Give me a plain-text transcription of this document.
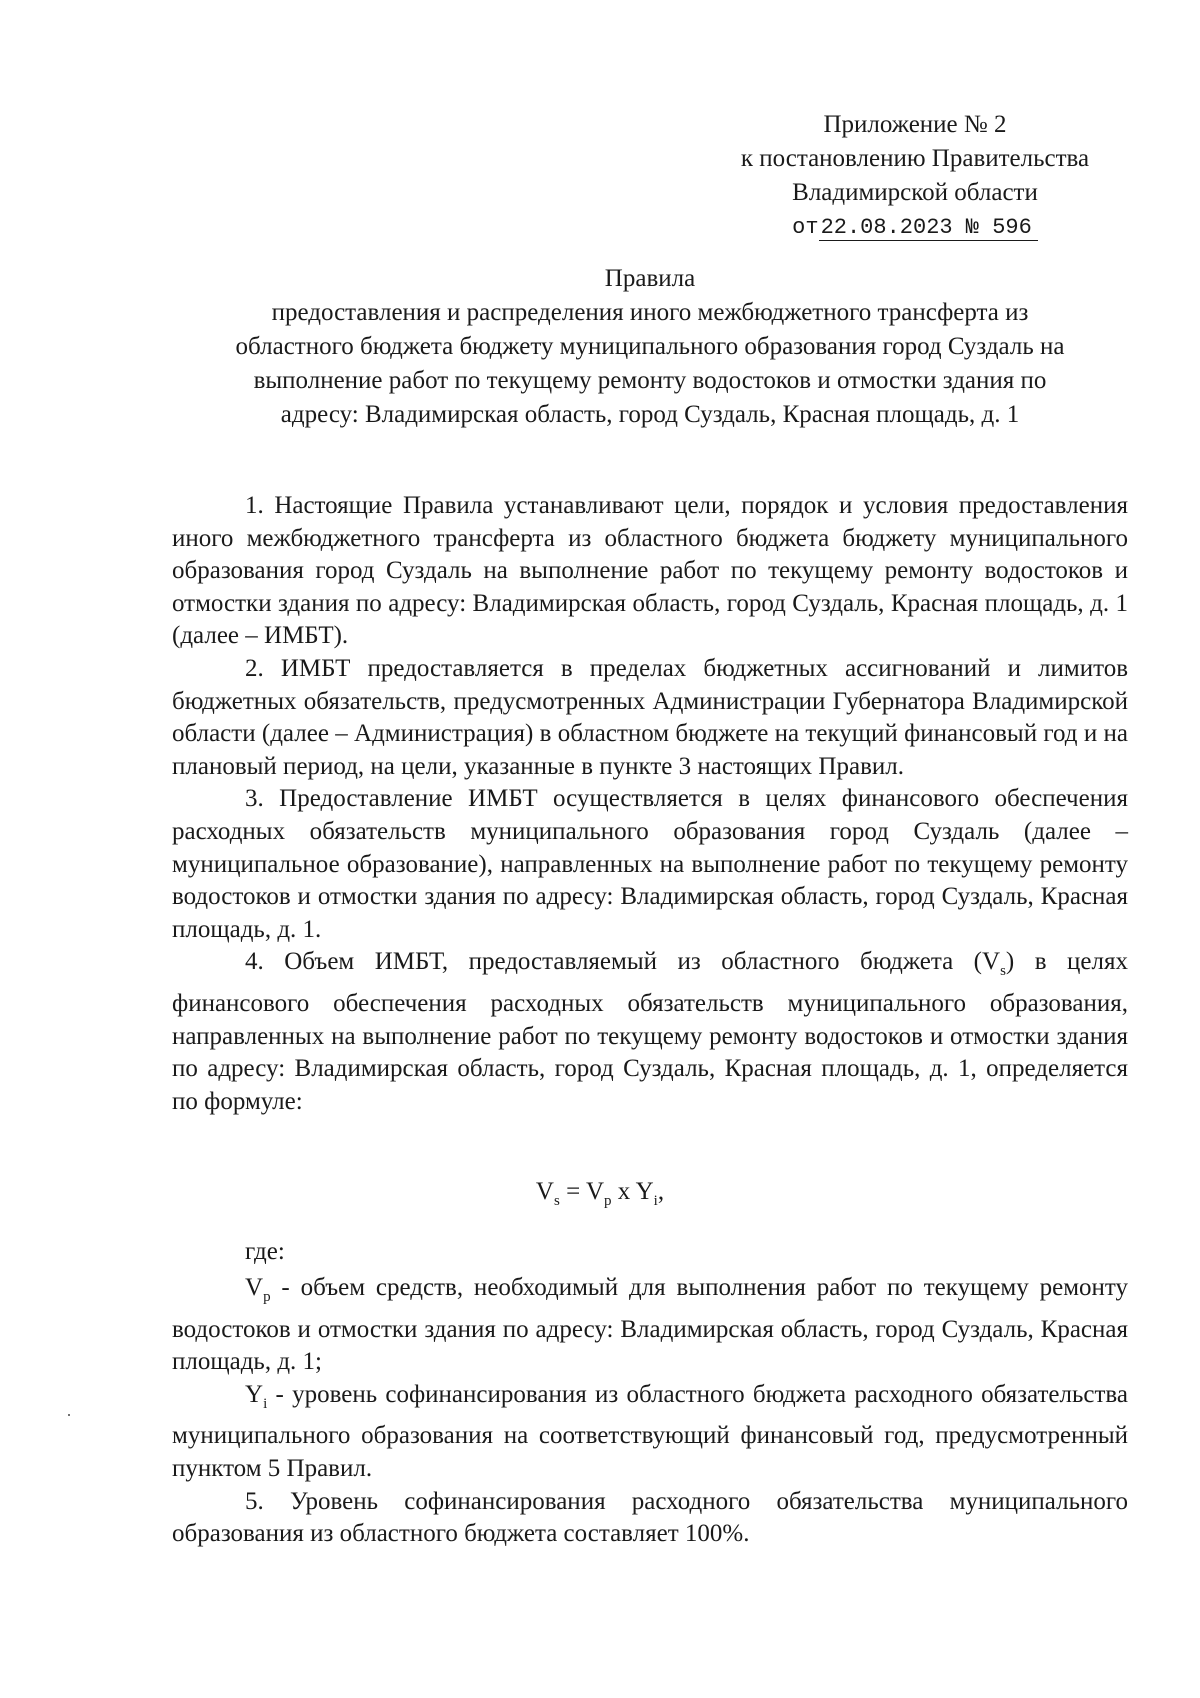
Приложение № 2
к постановлению Правительства
Владимирской области
от22.08.2023 № 596
Правила
предоставления и распределения иного межбюджетного трансферта из
областного бюджета бюджету муниципального образования город Суздаль на
выполнение работ по текущему ремонту водостоков и отмостки здания по
адресу: Владимирская область, город Суздаль, Красная площадь, д. 1

1. Настоящие Правила устанавливают цели, порядок и условия предоставления иного межбюджетного трансферта из областного бюджета бюджету муниципального образования город Суздаль на выполнение работ по текущему ремонту водостоков и отмостки здания по адресу: Владимирская область, город Суздаль, Красная площадь, д. 1 (далее – ИМБТ).

2. ИМБТ предоставляется в пределах бюджетных ассигнований и лимитов бюджетных обязательств, предусмотренных Администрации Губернатора Владимирской области (далее – Администрация) в областном бюджете на текущий финансовый год и на плановый период, на цели, указанные в пункте 3 настоящих Правил.

3. Предоставление ИМБТ осуществляется в целях финансового обеспечения расходных обязательств муниципального образования город Суздаль (далее – муниципальное образование), направленных на выполнение работ по текущему ремонту водостоков и отмостки здания по адресу: Владимирская область, город Суздаль, Красная площадь, д. 1.

4. Объем ИМБТ, предоставляемый из областного бюджета $(V_s)$ в целях финансового обеспечения расходных обязательств муниципального образования, направленных на выполнение работ по текущему ремонту водостоков и отмостки здания по адресу: Владимирская область, город Суздаль, Красная площадь, д. 1, определяется по формуле:

$V_s = V_p$ x $Y_i$,
где:

$V_p$ - объем средств, необходимый для выполнения работ по текущему ремонту водостоков и отмостки здания по адресу: Владимирская область, город Суздаль, Красная площадь, д. 1;

$Y_i$ - уровень софинансирования из областного бюджета расходного обязательства муниципального образования на соответствующий финансовый год, предусмотренный пунктом 5 Правил.

5. Уровень софинансирования расходного обязательства муниципального образования из областного бюджета составляет 100%.
